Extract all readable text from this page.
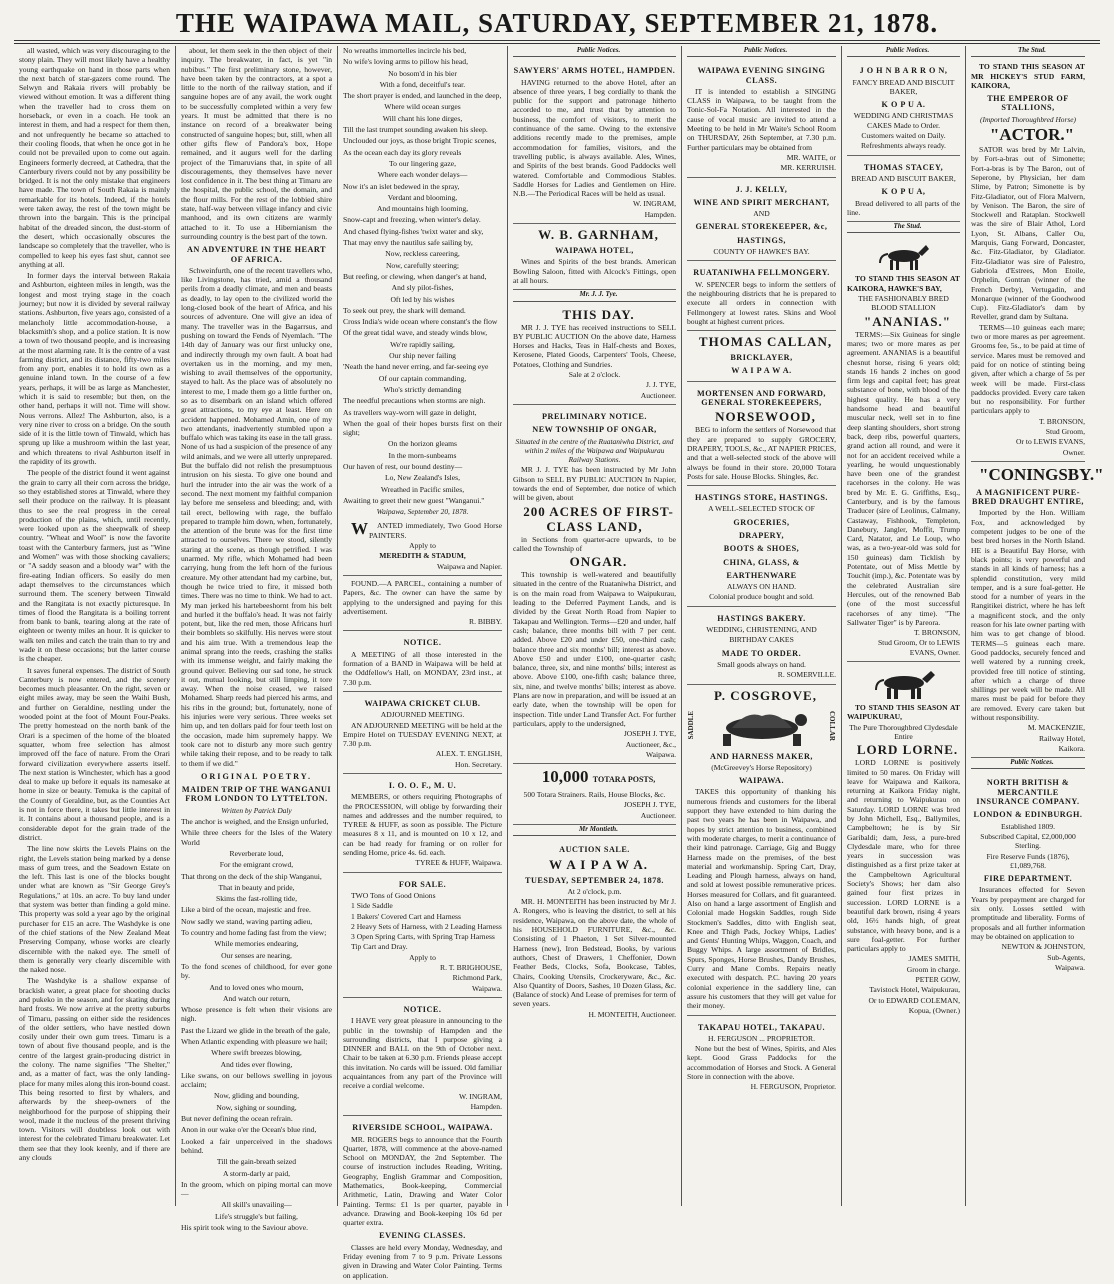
THE WAIPAWA MAIL, SATURDAY, SEPTEMBER 21, 1878.

all wasted, which was very discouraging to the stony plain. They will most likely have a healthy young earthquake on hand in those parts when the next batch of star-gazers come round. The Selwyn and Rakaia rivers will probably be viewed without emotion. It was a different thing when the traveller had to cross them on horseback, or even in a coach. He took an interest in them, and had a respect for them then, and not unfrequently he became so attached to their cooling floods, that when he once got in he could not be prevailed upon to come out again. Engineers formerly decreed, at Cathedra, that the Canterbury rivers could not by any possibility be bridged. It is not the only mistake that engineers have made. The town of South Rakaia is mainly remarkable for its hotels. Indeed, if the hotels were taken away, the rest of the town might be thrown into the bargain. This is the principal habitat of the dreaded sincon, the dust-storm of the desert, which occasionally obscures the landscape so completely that the traveller, who is compelled to keep his eyes fast shut, cannot see anything at all.

In former days the interval between Rakaia and Ashburton, eighteen miles in length, was the longest and most trying stage in the coach journey; but now it is divided by several railway stations. Ashburton, five years ago, consisted of a melancholy little accommodation-house, a blacksmith's shop, and a police station. It is now a town of two thousand people, and is increasing at the most alarming rate. It is the centre of a vast farming district, and its distance, fifty-two miles from any port, enables it to hold its own as a genuine inland town. In the course of a few years, perhaps, it will be as large as Manchester, which it is said to resemble; but then, on the other hand, perhaps it will not. Time will show. Nous verrons. Allez! The Ashburton, also, is a very nine river to cross on a bridge. On the south side of it is the little town of Tinwald, which has sprung up like a mushroom within the last year, and which threatens to rival Ashburton itself in the rapidity of its growth.

The people of the district found it went against the grain to carry all their corn across the bridge, so they established stores at Tinwald, where they sell their produce on the railway. It is pleasant thus to see the real progress in the cereal production of the plains, which, until recently, were looked upon as the sheepwalk of sheep country. "Wheat and Wool" is now the favorite toast with the Canterbury farmers, just as "Wine and Women" was with those shocking cavaliers; or "A saddy season and a bloody war" with the fire-eating Indian officers. So easily do men adapt themselves to the circumstances which surround them. The scenery between Tinwald and the Rangitata is not exactly picturesque. In times of flood the Rangitata is a boiling torrent from bank to bank, tearing along at the rate of eighteen or twenty miles an hour. It is quicker to walk ten miles and catch the train than to try and wade it on these occasions; but the latter course is the cheaper.

It saves funeral expenses. The district of South Canterbury is now entered, and the scenery becomes much pleasanter. On the right, seven or eight miles away, may be seen the Waihi Bush, and further on Geraldine, nestling under the wooded point at the foot of Mount Four-Peaks. The pretty homestead on the north bank of the Orari is a specimen of the home of the bloated squatter, whom free selection has almost improved off the face of nature. From the Orari forward civilization everywhere asserts itself. The next station is Winchester, which has a good deal to make up before it equals its namesake at home in size or beauty. Temuka is the capital of the County of Geraldine, but, as the Counties Act is not in force there, it takes but little interest in it. It contains about a thousand people, and is a considerable depot for the grain trade of the district.

The line now skirts the Levels Plains on the right, the Levels station being marked by a dense mass of gum trees, and the Seadown Estate on the left. This last is one of the blocks bought under what are known as "Sir George Grey's Regulations," at 10s. an acre. To buy land under that system was better than finding a gold mine. This property was sold a year ago by the original purchaser for £15 an acre. The Washdyke is one of the chief stations of the New Zealand Meat Preserving Company, whose works are clearly discernible with the naked eye. The smell of them is generally very clearly discernible with the naked nose.

The Washdyke is a shallow expanse of brackish water, a great place for shooting ducks and pukeko in the season, and for skating during hard frosts. We now arrive at the pretty suburbs of Timaru, passing on either side the residences of the older settlers, who have nestled down cosily under their own gum trees. Timaru is a town of about five thousand people, and is the centre of the largest grain-producing district in the colony. The name signifies "The Shelter," and, as a matter of fact, was the only landing-place for many miles along this iron-bound coast. This being resorted to first by whalers, and afterwards by the sheep-owners of the neighborhood for the purpose of shipping their wool, made it the nucleus of the present thriving town. Visitors will doubtless look out with interest for the celebrated Timaru breakwater. Let them see that they look keenly, and if there are any clouds

about, let them seek in the then object of their inquiry. The breakwater, in fact, is yet "in nubibus." The first preliminary stone, however, have been taken by the contractors, at a spot a little to the north of the railway station, and if sanguine hopes are of any avail, the work ought to be successfully completed within a very few years. It must be admitted that there is no instance on record of a breakwater being constructed of sanguine hopes; but, still, when all other gifts flew of Pandora's box, Hope remained, and it augurs well for the darling project of the Timaruvians that, in spite of all discouragements, they themselves have never lost confidence in it. The best thing at Timaru are the hospital, the public school, the domain, and the flour mills. For the rest of the lobbied shire state, half-way between village infancy and civic manhood, and its own citizens are warmly attached to it. To use a Hibernianism the surrounding country is the best part of the town.

AN ADVENTURE IN THE HEART OF AFRICA.

Schweinfurth, one of the recent travellers who, like Livingstone, has tried, amid a thousand perils from a deadly climate, and men and beasts as deadly, to lay open to the civilized world the long-closed book of the heart of Africa, and his sources of adventure. One will give an idea of many. The traveller was in the Bagarrsus, and pushing on toward the Fends of Nyemlach. "The 14th day of January was our first unlucky one, and indirectly through my own fault. A boat had overtaken us in the morning, and my men, wishing to avail themselves of the opportunity, stayed to halt. As the place was of absolutely no interest to me, I made them go a little further on, so as to disembark on an island which offered great attractions, to my eye at least. Here on accident happened. Mohamed Amin, one of my two attendants, inadvertently stumbled upon a buffalo which was taking its ease in the tall grass. None of us had a suspicion of the presence of any wild animals, and we were all utterly unprepared. But the buffalo did not relish the presumptuous intrusion on his siesta. To give one bound and hurl the intruder into the air was the work of a second. The next moment my faithful companion lay before me senseless and bleeding; and, with tail erect, bellowing with rage, the buffalo prepared to trample him down, when, fortunately, the attention of the brute was for the first time attracted to ourselves. There we stood, silently staring at the scene, as though petrified. I was unarmed. My rifle, which Mohamed had been carrying, hung from the left horn of the furious creature. My other attendant had my carbine, but, though he twice tried to fire, it missed both times. There was no time to think. We had to act. My man jerked his hartebeeshornt from his belt and hurled it the buffalo's head. It was not fairly potent, but, like the red men, those Africans hurl their bomblets so skilfully. His nerves were stout and his aim true. With a tremendous leap the animal sprang into the reeds, crashing the stalks with its immense weight, and fairly making the ground quiver. Believing our sad tone, he struck it out, mutual looking, but still limping, it tore away. When the noise ceased, we raised Mohamed. Sharp reeds had pierced his arms, and his ribs in the ground; but, fortunately, none of his injuries were very serious. Three weeks set him up, and ten dollars paid for four teeth lost on the occasion, made him supremely happy. We took care not to disturb any more such gentry while taking their repose, and to be ready to talk to them if we did."

ORIGINAL POETRY.

MAIDEN TRIP OF THE WANGANUI FROM LONDON TO LYTTELTON.

Written by Patrick Daly

The anchor is weighed, and the Ensign unfurled,

While three cheers for the Isles of the Watery World

Reverberate loud,

For the emigrant crowd,

That throng on the deck of the ship Wanganui,

That in beauty and pride,

Skims the fast-rolling tide,

Like a bird of the ocean, majestic and free.

Now sadly we stand, waving parting adieu,

To country and home fading fast from the view;

While memories endearing,

Our senses are nearing,

To the fond scenes of childhood, for ever gone by.

And to loved ones who mourn,

And watch our return,

Whose presence is felt when their visions are nigh.

Past the Lizard we glide in the breath of the gale,

When Atlantic expending with pleasure we hail;

Where swift breezes blowing,

And tides ever flowing,

Like swans, on our bellows swelling in joyous acclaim;

Now, gliding and bounding,

Now, sighing or sounding,

But never defining the ocean refrain.

Anon in our wake o'er the Ocean's blue rind,

Looked a fair unperceived in the shadows behind.

Till the gain-breath seized

A storm-darly ar paid,

In the groom, which on piping mortal can move—

All skill's unavailing—

Life's struggle's but failing,

His spirit took wing to the Saviour above.

No wreaths immortelles incircle his bed,

No wife's loving arms to pillow his head,

No bosom'd in his bier

With a fond, deceitful's tear.

The short prayer is ended, and launched in the deep,

Where wild ocean surges

Will chant his lone dirges,

Till the last trumpet sounding awaken his sleep.

Unclouded our joys, as those bright Tropic scenes,

As the ocean each day its glory reveals

To our lingering gaze,

Where each wonder delays—

Now it's an islet bedewed in the spray,

Verdant and blooming,

And mountains high looming,

Snow-capt and freezing, when winter's delay.

And chased flying-fishes 'twixt water and sky,

That may envy the nautilus safe sailing by,

Now, reckless careering,

Now, carefully steering;

But reefing, or clewing, when danger's at hand,

And sly pilot-fishes,

Oft led by his wishes

To seek out prey, the shark will demand.

Cross India's wide ocean where constant's the flow

Of the great tidal wave, and steady winds blow,

We're rapidly sailing,

Our ship never failing

'Neath the hand never erring, and far-seeing eye

Of our captain commanding,

Who's strictly demanding

The needful precautions when storms are nigh.

As travellers way-worn will gaze in delight,

When the goal of their hopes bursts first on their sight;

On the horizon gleams

In the morn-sunbeams

Our haven of rest, our bound destiny—

Lo, New Zealand's Isles,

Wreathed in Pacific smiles,

Awaiting to greet their new guest "Wanganui."

Waipawa, September 20, 1878.

WANTED immediately, Two Good Horse PAINTERS.

Apply to

MEREDITH & STADUM,

Waipawa and Napier.

FOUND.—A PARCEL, containing a number of Papers, &c. The owner can have the same by applying to the undersigned and paying for this advertisement.

R. BIBBY.

NOTICE.

A MEETING of all those interested in the formation of a BAND in Waipawa will be held at the Oddfellow's Hall, on MONDAY, 23rd inst., at 7.30 p.m.

WAIPAWA CRICKET CLUB.

ADJOURNED MEETING.

AN ADJOURNED MEETING will be held at the Empire Hotel on TUESDAY EVENING NEXT, at 7.30 p.m.

ALEX. T. ENGLISH,

Hon. Secretary.

I. O. O. F., M. U.

MEMBERS, or others requiring Photographs of the PROCESSION, will oblige by forwarding their names and addresses and the number required, to TYREE & HUFF, as soon as possible. The Picture measures 8 x 11, and is mounted on 10 x 12, and can be had ready for framing or on roller for sending Home, price 4s. 6d. each.

TYREE & HUFF, Waipawa.

FOR SALE.

TWO Tons of Good Onions

1 Side Saddle

1 Bakers' Covered Cart and Harness

2 Heavy Sets of Harness, with 2 Leading Harness

3 Open Spring Carts, with Spring Trap Harness

Tip Cart and Dray.

Apply to

R. T. BRIGHOUSE,

Richmond Park,

Waipawa.

NOTICE.

I HAVE very great pleasure in announcing to the public in the township of Hampden and the surrounding districts, that I purpose giving a DINNER and BALL on the 9th of October next. Chair to be taken at 6.30 p.m. Friends please accept this invitation. No cards will be issued. Old familiar acquaintances from any part of the Province will receive a cordial welcome.

W. INGRAM,

Hampden.

RIVERSIDE SCHOOL, WAIPAWA.

MR. ROGERS begs to announce that the Fourth Quarter, 1878, will commence at the above-named School on MONDAY, the 2nd September. The course of instruction includes Reading, Writing, Geography, English Grammar and Composition, Mathematics, Book-keeping, Commercial Arithmetic, Latin, Drawing and Water Color Painting. Terms: £1 1s per quarter, payable in advance. Drawing and Book-keeping 10s 6d per quarter extra.

EVENING CLASSES.

Classes are held every Monday, Wednesday, and Friday evening from 7 to 9 p.m. Private Lessons given in Drawing and Water Color Painting. Terms on application.

Public Notices.

SAWYERS' ARMS HOTEL, HAMPDEN.

HAVING returned to the above Hotel, after an absence of three years, I beg cordially to thank the public for the support and patronage hitherto accorded to me, and trust that by attention to business, the comfort of visitors, to merit the continuance of the same. Owing to the extensive additions recently made to the premises, ample accommodation for families, visitors, and the travelling public, is always available. Ales, Wines, and Spirits of the best brands. Good Paddocks well watered. Comfortable and Commodious Stables. Saddle Horses for Ladies and Gentlemen on Hire. N.B.—The Periodical Races will be held as usual.

W. INGRAM,

Hampden.

W. B. GARNHAM,

WAIPAWA HOTEL,

Wines and Spirits of the best brands. American Bowling Saloon, fitted with Alcock's Fittings, open at all hours.

Mr. J. J. Tye.

THIS DAY.

MR J. J. TYE has received instructions to SELL BY PUBLIC AUCTION On the above date, Harness Horses and Hacks, Teas in Half-chests and Boxes, Kerosene, Plated Goods, Carpenters' Tools, Cheese, Potatoes, Clothing and Sundries.

Sale at 2 o'clock.

J. J. TYE,

Auctioneer.

PRELIMINARY NOTICE.

NEW TOWNSHIP OF ONGAR,

Situated in the centre of the Ruataniwha District, and within 2 miles of the Waipawa and Waipukurau Railway Stations.

MR J. J. TYE has been instructed by Mr John Gibson to SELL BY PUBLIC AUCTION In Napier, towards the end of September, due notice of which will be given, about

200 ACRES OF FIRST-CLASS LAND,

in Sections from quarter-acre upwards, to be called the Township of

ONGAR.

This township is well-watered and beautifully situated in the centre of the Ruataniwha District, and is on the main road from Waipawa to Waipukurau, leading to the Deferred Payment Lands, and is divided by the Great North Road from Napier to Takapau and Wellington. Terms—£20 and under, half cash; balance, three months bill with 7 per cent. added. Above £20 and under £50, one-third cash; balance three and six months' bill; interest as above. Above £50 and under £100, one-quarter cash; balance, three, six, and nine months' bills; interest as above. Above £100, one-fifth cash; balance three, six, nine, and twelve months' bills; interest as above. Plans are now in preparation, and will be issued at an early date, when the township will be open for inspection. Title under Land Transfer Act. For further particulars, apply to the undersigned,

JOSEPH J. TYE,

Auctioneer, &c.,

Waipawa.

10,000 TOTARA POSTS,

500 Totara Strainers. Rails, House Blocks, &c.

JOSEPH J. TYE,

Auctioneer.

Mr Montieth.

AUCTION SALE.

W A I P A W A.

TUESDAY, SEPTEMBER 24, 1878.

At 2 o'clock, p.m.

MR. H. MONTEITH has been instructed by Mr J. A. Rongers, who is leaving the district, to sell at his residence, Waipawa, on the above date, the whole of his HOUSEHOLD FURNITURE, &c., &c. Consisting of 1 Phaeton, 1 Set Silver-mounted Harness (new), Iron Bedstead, Books, by various authors, Chest of Drawers, 1 Cheffonier, Down Feather Beds, Clocks, Sofa, Bookcase, Tables, Chairs, Cooking Utensils, Crockeryware, &c., &c. Also Quantity of Doors, Sashes, 10 Dozen Glass, &c. (Balance of stock) And Lease of premises for term of seven years.

H. MONTEITH, Auctioneer.

Public Notices.

WAIPAWA EVENING SINGING CLASS.

IT is intended to establish a SINGING CLASS in Waipawa, to be taught from the Tonic-Sol-Fa Notation. All interested in the cause of vocal music are invited to attend a Meeting to be held in Mr Waite's School Room on THURSDAY, 26th September, at 7.30 p.m. Further particulars may be obtained from

MR. WAITE, or

MR. KERRUISH.

J. J. KELLY,

WINE AND SPIRIT MERCHANT,

AND

GENERAL STOREKEEPER, &c,

HASTINGS,

COUNTY OF HAWKE'S BAY.

RUATANIWHA FELLMONGERY.

W. SPENCER begs to inform the settlers of the neighbouring districts that he is prepared to execute all orders in connection with Fellmongery at lowest rates. Skins and Wool bought at highest current prices.

THOMAS CALLAN,

BRICKLAYER,

W A I P A W A.

MORTENSEN AND FORWARD, GENERAL STOREKEEPERS,

NORSEWOOD,

BEG to inform the settlers of Norsewood that they are prepared to supply GROCERY, DRAPERY, TOOLS, &c., AT NAPIER PRICES, and that a well-selected stock of the above will always be found in their store. 20,000 Totara Posts for sale. House Blocks. Shingles, &c.

HASTINGS STORE, HASTINGS.

A WELL-SELECTED STOCK OF

GROCERIES,

DRAPERY,

BOOTS & SHOES,

CHINA, GLASS, &

EARTHENWARE

ALWAYS ON HAND.

Colonial produce bought and sold.

HASTINGS BAKERY.

WEDDING, CHRISTENING, AND

BIRTHDAY CAKES

MADE TO ORDER.

Small goods always on hand.

R. SOMERVILLE.

P. COSGROVE,

SADDLE	COLLAR

AND HARNESS MAKER,

(McGreevey's Horse Repository)

WAIPAWA.

TAKES this opportunity of thanking his numerous friends and customers for the liberal support they have extended to him during the past two years he has been in Waipawa, and hopes by strict attention to business, combined with moderate charges, to merit a continuance of their kind patronage. Carriage, Gig and Buggy Harness made on the premises, of the best material and workmanship. Spring Cart, Dray, Leading and Plough harness, always on hand, and sold at lowest possible remunerative prices. Horses measured for Collars, and fit guaranteed. Also on hand a large assortment of English and Colonial made Hogskin Saddles, rough Side Stockmen's Saddles, ditto with English seat, Knee and Thigh Pads, Jockey Whips, Ladies' and Gents' Hunting Whips, Waggon, Coach, and Buggy Whips. A large assortment of Bridles, Spurs, Sponges, Horse Brushes, Dandy Brushes, Curry and Mane Combs. Repairs neatly executed with despatch. P.C. having 20 years colonial experience in the saddlery line, can assure his customers that they will get value for their money.

TAKAPAU HOTEL, TAKAPAU.

H. FERGUSON ... PROPRIETOR.

None but the best of Wines, Spirits, and Ales kept. Good Grass Paddocks for the accommodation of Horses and Stock. A General Store in connection with the above.

H. FERGUSON, Proprietor.

Public Notices.

J O H N B A R R O N,

FANCY BREAD AND BISCUIT BAKER,

K O P U A.

WEDDING AND CHRISTMAS CAKES Made to Order.

Customers waited on Daily.

Refreshments always ready.

THOMAS STACEY,

BREAD AND BISCUIT BAKER,

K O P U A,

Bread delivered to all parts of the line.

The Stud.

TO STAND THIS SEASON AT KAIKORA, HAWKE'S BAY,

THE FASHIONABLY BRED BLOOD STALLION

"ANANIAS."

TERMS:—Six Guineas for single mares; two or more mares as per agreement. ANANIAS is a beautiful chesnut horse, rising 6 years old; stands 16 hands 2 inches on good firm legs and capital feet; has great substance of bone, with blood of the highest quality. He has a very handsome head and beautiful muscular neck, well set in to fine deep slanting shoulders, short strong back, deep ribs, powerful quarters, grand action all round, and were it not for an accident received while a yearling, he would unquestionably have been one of the grandest racehorses in the colony. He was bred by Mr. E. G. Griffiths, Esq., Canterbury, and is by the famous Traducer (sire of Leolinus, Calmany, Castaway, Fishhook, Templeton, Danebury, Jangler, Moffit, Trump Card, Natator, and Le Loup, who was, as a two-year-old was sold for 150 guineas) dam Ticklish by Potentate, out of Miss Mettle by Touchit (imp.), &c. Potentate was by the celebrated Australian sire Hercules, out of the renowned Bab (one of the most successful racehorses of any time). "The Sallwater Tiger" is by Pareora.

T. BRONSON,

Stud Groom, Or to LEWIS EVANS, Owner.

TO STAND THIS SEASON AT WAIPUKURAU,

The Pure Thoroughbred Clydesdale Entire

LORD LORNE.

LORD LORNE is positively limited to 50 mares. On Friday will leave for Waipawa and Kaikora, returning at Kaikora Friday night, and returning to Waipukurau on Saturday. LORD LORNE was bred by John Michell, Esq., Ballymiles, Campbeltown; he is by Sir Garibaldi; dam, Jess, a pure-bred Clydesdale mare, who for three years in succession was distinguished as a first prize taker at the Campbeltown Agricultural Society's Shows; her dam also gained four first prizes in succession. LORD LORNE is a beautiful dark brown, rising 4 years old, 16½ hands high, of great substance, with heavy bone, and is a sure foal-getter. For further particulars apply to

JAMES SMITH,

Groom in charge.

PETER GOW,

Tavistock Hotel, Waipukurau,

Or to EDWARD COLEMAN,

Kopua, (Owner.)

The Stud.

TO STAND THIS SEASON AT MR HICKEY'S STUD FARM, KAIKORA,

THE EMPEROR OF STALLIONS,

(Imported Thoroughbred Horse)

"ACTOR."

SATOR was bred by Mr Lalvin, by Fort-a-bras out of Simonette; Fort-a-bras is by The Baron, out of Seperone, by Physician, her dam Slime, by Patron; Simonette is by Fitz-Gladiator, out of Flora Malvern, by Venison. The Baron, the sire of Stockwell and Rataplan. Stockwell was the sire of Blair Athol, Lord Lyon, St. Albans, Caller Ou, Marquis, Gang Forward, Doncaster, &c. Fitz-Gladiator, by Gladiator. Fitz-Gladiator was sire of Palestro, Gabriola d'Estrees, Mon Etoile, Orphelin, Gontran (winner of the French Derby), Vertugadin, and Monarque (winner of the Goodwood Cup). Fitz-Gladiator's dam by Reveller, grand dam by Sultana.

TERMS—10 guineas each mare; two or more mares as per agreement. Grooms fee, 5s., to be paid at time of service. Mares must be removed and paid for on notice of stinting being given, after which a charge of 5s per week will be made. First-class paddocks provided. Every care taken but no responsibility. For further particulars apply to

T. BRONSON,

Stud Groom,

Or to LEWIS EVANS,

Owner.

"CONINGSBY."

A MAGNIFICENT PURE-BRED DRAUGHT ENTIRE,

Imported by the Hon. William Fox, and acknowledged by competent judges to be one of the best bred horses in the North Island. HE is a Beautiful Bay Horse, with black points; is very powerful and stands in all kinds of harness; has a splendid constitution, very mild temper, and is a sure foal-getter. He stood for a number of years in the Rangitikei district, where he has left a magnificent stock, and the only reason for his late owner parting with him was to get change of blood. TERMS—5 guineas each mare. Good paddocks, securely fenced and well watered by a running creek, provided free till notice of stinting, after which a charge of three shillings per week will be made. All mares must be paid for before they are removed. Every care taken but without responsibility.

M. MACKENZIE,

Railway Hotel,

Kaikora.

Public Notices.

NORTH BRITISH & MERCANTILE INSURANCE COMPANY.

LONDON & EDINBURGH.

Established 1809.

Subscribed Capital, £2,000,000 Sterling.

Fire Reserve Funds (1876), £1,089,768.

FIRE DEPARTMENT.

Insurances effected for Seven Years by prepayment are charged for six only. Losses settled with promptitude and liberality. Forms of proposals and all further information may be obtained on application to

NEWTON & JOHNSTON,

Sub-Agents,

Waipawa.
